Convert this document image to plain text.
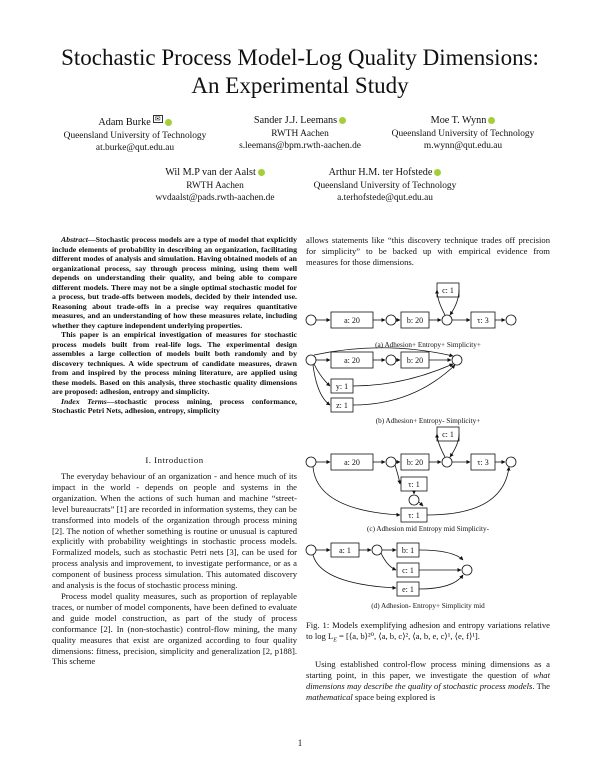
Stochastic Process Model-Log Quality Dimensions:
An Experimental Study
Adam Burke ✉
Queensland University of Technology
at.burke@qut.edu.au
Sander J.J. Leemans
RWTH Aachen
s.leemans@bpm.rwth-aachen.de
Moe T. Wynn
Queensland University of Technology
m.wynn@qut.edu.au
Wil M.P van der Aalst
RWTH Aachen
wvdaalst@pads.rwth-aachen.de
Arthur H.M. ter Hofstede
Queensland University of Technology
a.terhofstede@qut.edu.au

Abstract—Stochastic process models are a type of model that explicitly include elements of probability in describing an organization, facilitating different modes of analysis and simulation. Having obtained models of an organizational process, say through process mining, using them well depends on understanding their quality, and being able to compare different models. There may not be a single optimal stochastic model for a process, but trade-offs between models, decided by their intended use. Reasoning about trade-offs in a precise way requires quantitative measures, and an understanding of how these measures relate, including whether they capture independent underlying properties.

This paper is an empirical investigation of measures for stochastic process models built from real-life logs. The experimental design assembles a large collection of models built both randomly and by discovery techniques. A wide spectrum of candidate measures, drawn from and inspired by the process mining literature, are applied using these models. Based on this analysis, three stochastic quality dimensions are proposed: adhesion, entropy and simplicity.

Index Terms—stochastic process mining, process conformance, Stochastic Petri Nets, adhesion, entropy, simplicity

I. Introduction

The everyday behaviour of an organization - and hence much of its impact in the world - depends on people and systems in the organization. When the actions of such human and machine “street-level bureaucrats” [1] are recorded in information systems, they can be transformed into models of the organization through process mining [2]. The notion of whether something is routine or unusual is captured explicitly with probability weightings in stochastic process models. Formalized models, such as stochastic Petri nets [3], can be used for process analysis and improvement, to investigate performance, or as a component of business process simulation. This automated discovery and analysis is the focus of stochastic process mining.

Process model quality measures, such as proportion of replayable traces, or number of model components, have been defined to evaluate and guide model construction, as part of the study of process conformance [2]. In (non-stochastic) control-flow mining, the many quality measures that exist are organized according to four quality dimensions: fitness, precision, simplicity and generalization [2, p188]. This scheme

allows statements like “this discovery technique trades off precision for simplicity” to be backed up with empirical evidence from measures for those dimensions.
a: 20	b: 20
c: 1
τ: 3
a: 20	b: 20
y: 1
z: 1
a: 20	b: 20
c: 1
τ: 3
τ: 1
τ: 1
a: 1	b: 1
c: 1
e: 1
(a) Adhesion+ Entropy+ Simplicity+
(b) Adhesion+ Entropy- Simplicity+
(c) Adhesion mid Entropy mid Simplicity-
(d) Adhesion- Entropy+ Simplicity mid
Fig. 1: Models exemplifying adhesion and entropy variations relative to $\log L_E$ = [⟨a, b⟩²⁰, ⟨a, b, c⟩², ⟨a, b, e, c⟩¹, ⟨e, f⟩¹].
Using established control-flow process mining dimensions as a starting point, in this paper, we investigate the question of what dimensions may describe the quality of stochastic process models. The mathematical space being explored is
1
